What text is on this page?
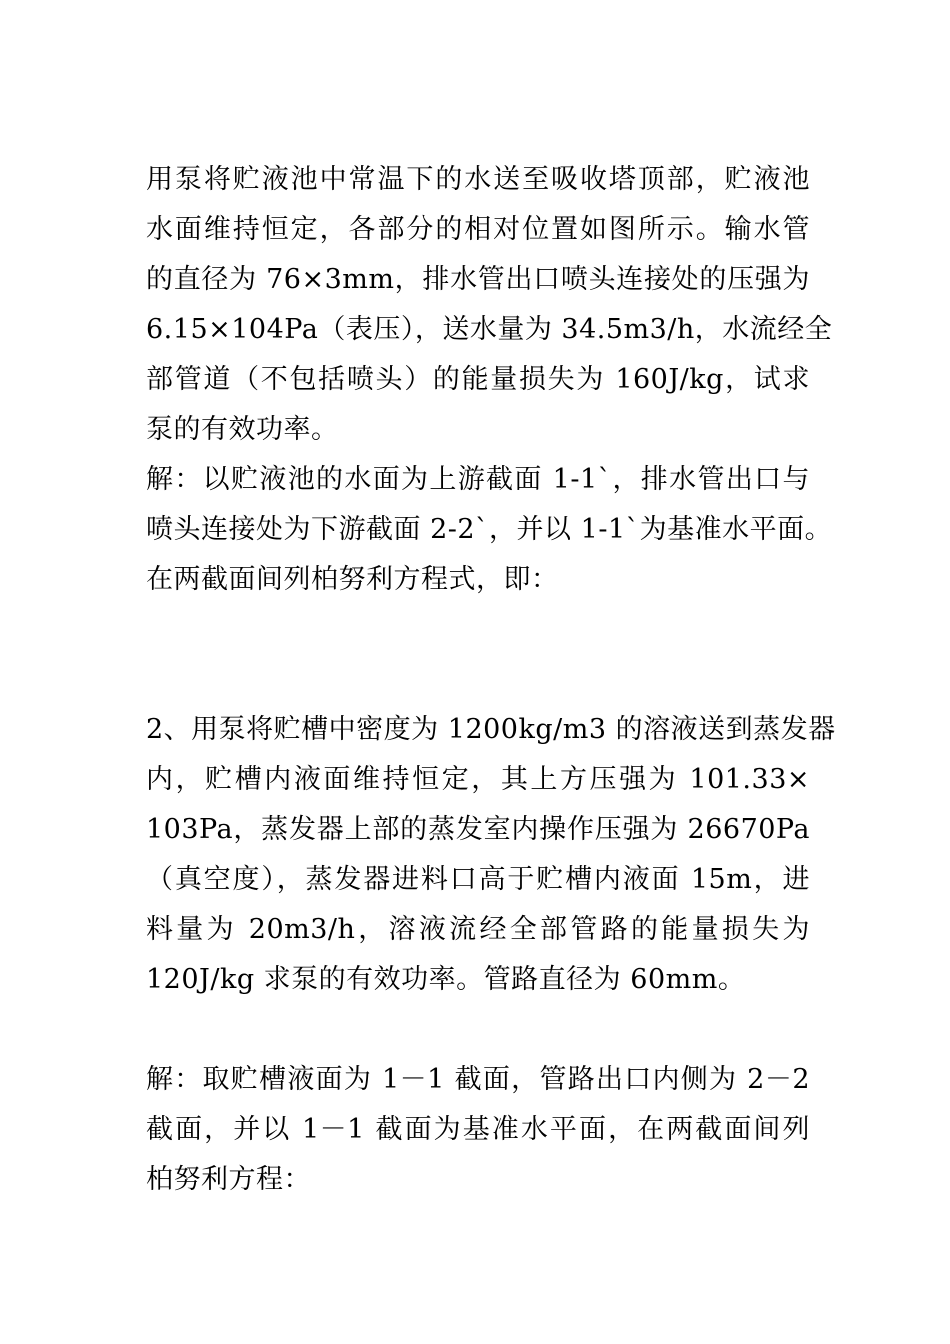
用泵将贮液池中常温下的水送至吸收塔顶部，贮液池
水面维持恒定，各部分的相对位置如图所示。输水管
的直径为 76×3mm，排水管出口喷头连接处的压强为
6.15×104Pa（表压），送水量为 34.5m3/h，水流经全
部管道（不包括喷头）的能量损失为 160J/kg，试求
泵的有效功率。
解：以贮液池的水面为上游截面 1-1`，排水管出口与
喷头连接处为下游截面 2-2`，并以 1-1`为基准水平面。
在两截面间列柏努利方程式，即：
2、用泵将贮槽中密度为 1200kg/m3 的溶液送到蒸发器
内，贮槽内液面维持恒定，其上方压强为 101.33×
103Pa，蒸发器上部的蒸发室内操作压强为 26670Pa
（真空度），蒸发器进料口高于贮槽内液面 15m，进
料量为 20m3/h，溶液流经全部管路的能量损失为
120J/kg 求泵的有效功率。管路直径为 60mm。
解：取贮槽液面为 1－1 截面，管路出口内侧为 2－2
截面，并以 1－1 截面为基准水平面，在两截面间列
柏努利方程：
